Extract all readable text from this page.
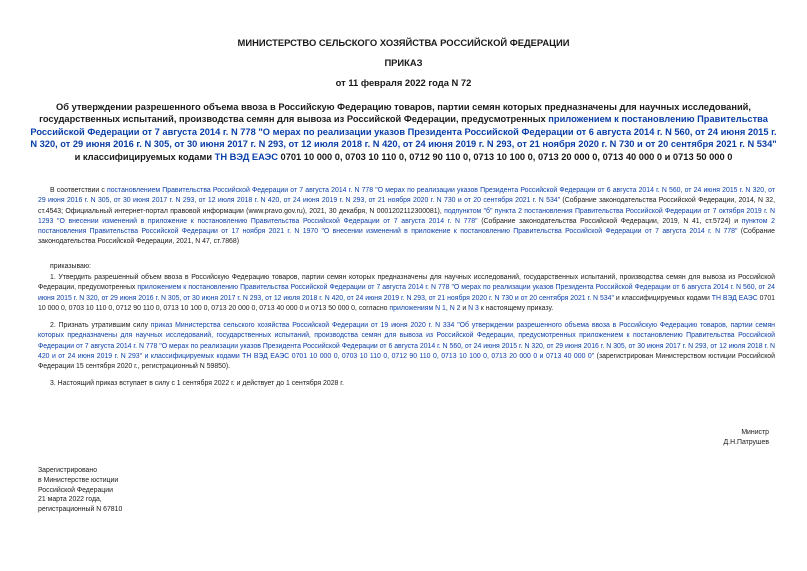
МИНИСТЕРСТВО СЕЛЬСКОГО ХОЗЯЙСТВА РОССИЙСКОЙ ФЕДЕРАЦИИ
ПРИКАЗ
от 11 февраля 2022 года N 72
Об утверждении разрешенного объема ввоза в Российскую Федерацию товаров, партии семян которых предназначены для научных исследований, государственных испытаний, производства семян для вывоза из Российской Федерации, предусмотренных приложением к постановлению Правительства Российской Федерации от 7 августа 2014 г. N 778 "О мерах по реализации указов Президента Российской Федерации от 6 августа 2014 г. N 560, от 24 июня 2015 г. N 320, от 29 июня 2016 г. N 305, от 30 июня 2017 г. N 293, от 12 июля 2018 г. N 420, от 24 июня 2019 г. N 293, от 21 ноября 2020 г. N 730 и от 20 сентября 2021 г. N 534" и классифицируемых кодами ТН ВЭД ЕАЭС 0701 10 000 0, 0703 10 110 0, 0712 90 110 0, 0713 10 100 0, 0713 20 000 0, 0713 40 000 0 и 0713 50 000 0
В соответствии с постановлением Правительства Российской Федерации от 7 августа 2014 г. N 778 "О мерах по реализации указов Президента Российской Федерации от 6 августа 2014 г. N 560, от 24 июня 2015 г. N 320, от 29 июня 2016 г. N 305, от 30 июня 2017 г. N 293, от 12 июля 2018 г. N 420, от 24 июня 2019 г. N 293, от 21 ноября 2020 г. N 730 и от 20 сентября 2021 г. N 534" (Собрание законодательства Российской Федерации, 2014, N 32, ст.4543; Официальный интернет-портал правовой информации (www.pravo.gov.ru), 2021, 30 декабря, N 0001202112300081), подпунктом "б" пункта 2 постановления Правительства Российской Федерации от 7 октября 2019 г. N 1293 "О внесении изменений в приложение к постановлению Правительства Российской Федерации от 7 августа 2014 г. N 778" (Собрание законодательства Российской Федерации, 2019, N 41, ст.5724) и пунктом 2 постановления Правительства Российской Федерации от 17 ноября 2021 г. N 1970 "О внесении изменений в приложение к постановлению Правительства Российской Федерации от 7 августа 2014 г. N 778" (Собрание законодательства Российской Федерации, 2021, N 47, ст.7868)
приказываю:
1. Утвердить разрешенный объем ввоза в Российскую Федерацию товаров, партии семян которых предназначены для научных исследований, государственных испытаний, производства семян для вывоза из Российской Федерации, предусмотренных приложением к постановлению Правительства Российской Федерации от 7 августа 2014 г. N 778 "О мерах по реализации указов Президента Российской Федерации от 6 августа 2014 г. N 560, от 24 июня 2015 г. N 320, от 29 июня 2016 г. N 305, от 30 июня 2017 г. N 293, от 12 июля 2018 г. N 420, от 24 июня 2019 г. N 293, от 21 ноября 2020 г. N 730 и от 20 сентября 2021 г. N 534" и классифицируемых кодами ТН ВЭД ЕАЭС 0701 10 000 0, 0703 10 110 0, 0712 90 110 0, 0713 10 100 0, 0713 20 000 0, 0713 40 000 0 и 0713 50 000 0, согласно приложениям N 1, N 2 и N 3 к настоящему приказу.
2. Признать утратившим силу приказ Министерства сельского хозяйства Российской Федерации от 19 июня 2020 г. N 334 "Об утверждении разрешенного объема ввоза в Российскую Федерацию товаров, партии семян которых предназначены для научных исследований, государственных испытаний, производства семян для вывоза из Российской Федерации, предусмотренных приложением к постановлению Правительства Российской Федерации от 7 августа 2014 г. N 778 "О мерах по реализации указов Президента Российской Федерации от 6 августа 2014 г. N 560, от 24 июня 2015 г. N 320, от 29 июня 2016 г. N 305, от 30 июня 2017 г. N 293, от 12 июля 2018 г. N 420 и от 24 июня 2019 г. N 293" и классифицируемых кодами ТН ВЭД ЕАЭС 0701 10 000 0, 0703 10 110 0, 0712 90 110 0, 0713 10 100 0, 0713 20 000 0 и 0713 40 000 0" (зарегистрирован Министерством юстиции Российской Федерации 15 сентября 2020 г., регистрационный N 59850).
3. Настоящий приказ вступает в силу с 1 сентября 2022 г. и действует до 1 сентября 2028 г.
Министр
Д.Н.Патрушев
Зарегистрировано
в Министерстве юстиции
Российской Федерации
21 марта 2022 года,
регистрационный N 67810
